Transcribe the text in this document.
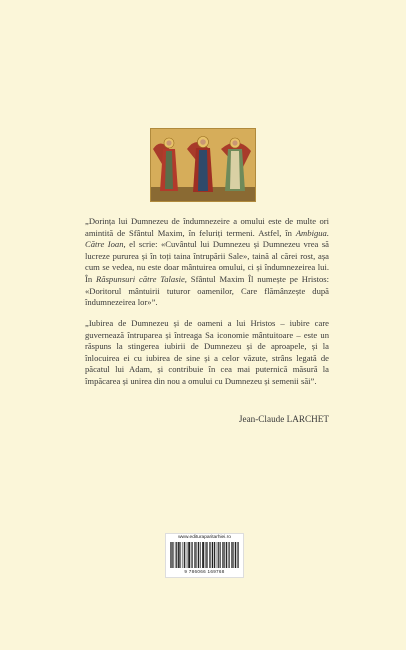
„Dorința lui Dumnezeu de îndumnezeire a omului este de multe ori amintită de Sfântul Maxim, în feluriți termeni. Astfel, în Ambigua. Către Ioan, el scrie: «Cuvântul lui Dumnezeu și Dumnezeu vrea să lucreze pururea și în toți taina întrupării Sale», taină al cărei rost, așa cum se vedea, nu este doar mântuirea omului, ci și îndumnezeirea lui. În Răspunsuri către Talasie, Sfântul Maxim Îl numește pe Hristos: «Doritorul mântuirii tuturor oamenilor, Care flămânzește după îndumnezeirea lor»”.

„Iubirea de Dumnezeu și de oameni a lui Hristos – iubire care guvernează întruparea și întreaga Sa iconomie mântuitoare – este un răspuns la stingerea iubirii de Dumnezeu și de aproapele, și la înlocuirea ei cu iubirea de sine și a celor văzute, strâns legată de păcatul lui Adam, și contribuie în cea mai puternică măsură la împăcarea și unirea din nou a omului cu Dumnezeu și semenii săi”.

Jean-Claude LARCHET
www.edituraparitarhiei.ro
9 786066 169768
